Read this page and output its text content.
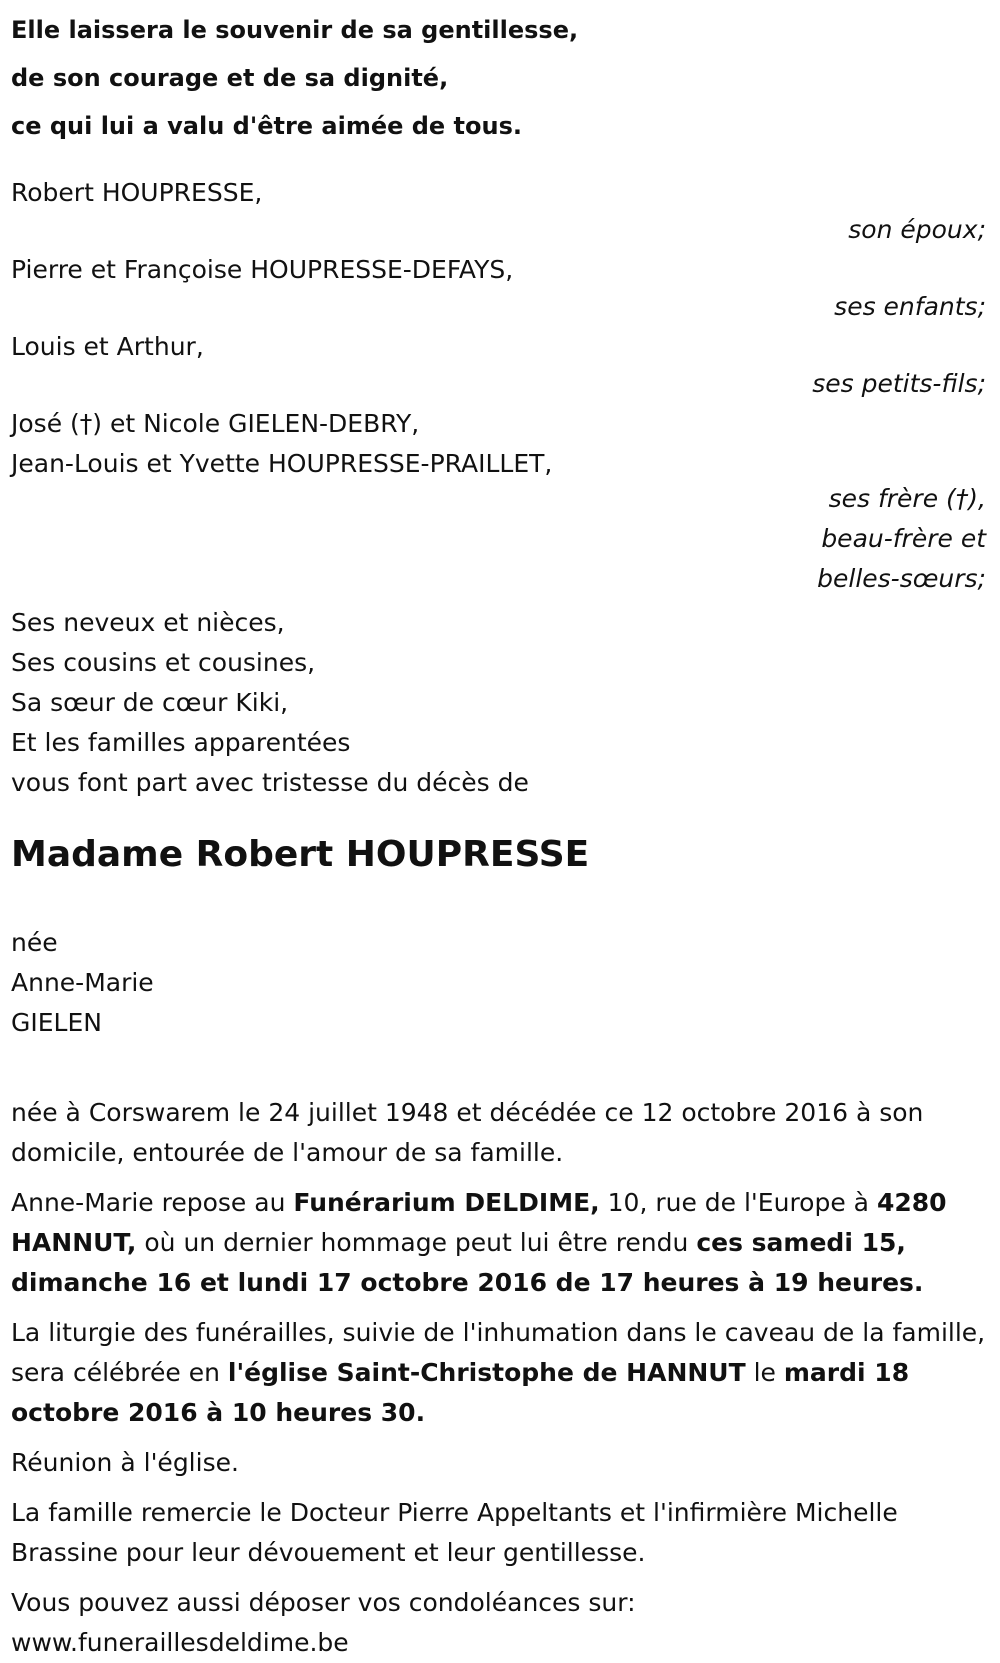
Elle laissera le souvenir de sa gentillesse,
de son courage et de sa dignité,
ce qui lui a valu d'être aimée de tous.
Robert HOUPRESSE,
son époux;
Pierre et Françoise HOUPRESSE-DEFAYS,
ses enfants;
Louis et Arthur,
ses petits-fils;
José (†) et Nicole GIELEN-DEBRY,
Jean-Louis et Yvette HOUPRESSE-PRAILLET,
ses frère (†),
beau-frère et
belles-sœurs;
Ses neveux et nièces,
Ses cousins et cousines,
Sa sœur de cœur Kiki,
Et les familles apparentées
vous font part avec tristesse du décès de
Madame Robert HOUPRESSE
née
Anne-Marie
GIELEN
née à Corswarem le 24 juillet 1948 et décédée ce 12 octobre 2016 à son domicile, entourée de l'amour de sa famille.
Anne-Marie repose au Funérarium DELDIME, 10, rue de l'Europe à 4280 HANNUT, où un dernier hommage peut lui être rendu ces samedi 15, dimanche 16 et lundi 17 octobre 2016 de 17 heures à 19 heures.
La liturgie des funérailles, suivie de l'inhumation dans le caveau de la famille, sera célébrée en l'église Saint-Christophe de HANNUT le mardi 18 octobre 2016 à 10 heures 30.
Réunion à l'église.
La famille remercie le Docteur Pierre Appeltants et l'infirmière Michelle Brassine pour leur dévouement et leur gentillesse.
Vous pouvez aussi déposer vos condoléances sur:
www.funeraillesdeldime.be
